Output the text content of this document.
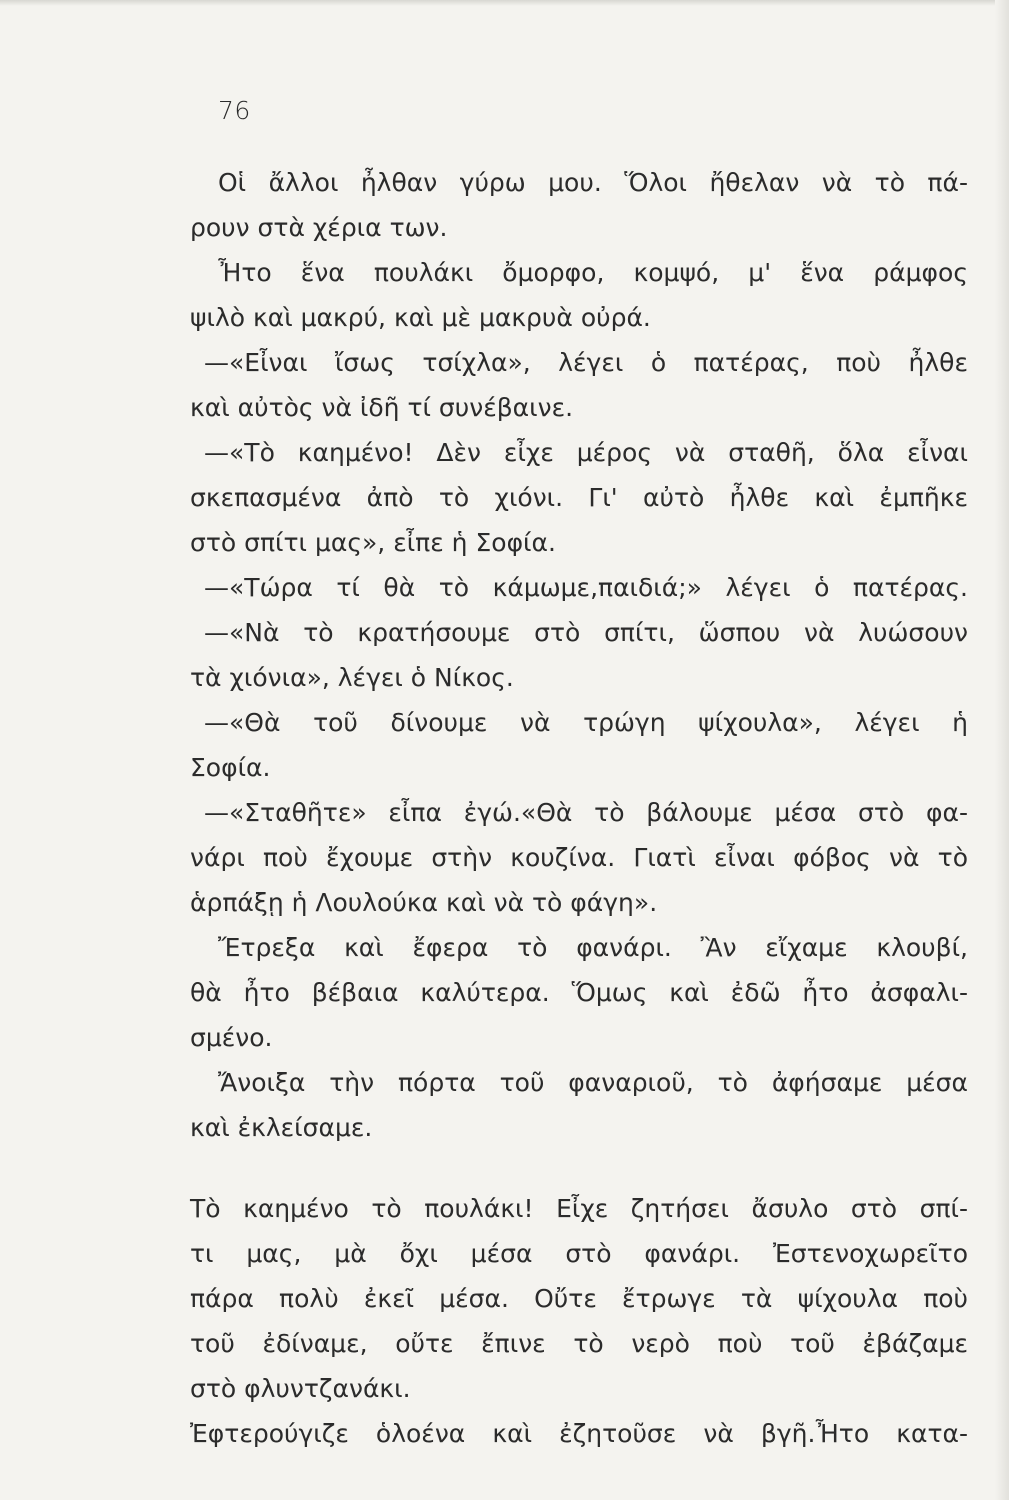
76
Οἱ ἄλλοι ἦλθαν γύρω μου. Ὅλοι ἤθελαν νὰ τὸ πά-
ρουν στὰ χέρια των.
Ἦτο ἕνα πουλάκι ὄμορφο, κομψό, μ' ἕνα ράμφος
ψιλὸ καὶ μακρύ, καὶ μὲ μακρυὰ οὐρά.
—«Εἶναι ἴσως τσίχλα», λέγει ὁ πατέρας, ποὺ ἦλθε
καὶ αὐτὸς νὰ ἰδῆ τί συνέβαινε.
—«Τὸ καημένο! Δὲν εἶχε μέρος νὰ σταθῆ, ὅλα εἶναι
σκεπασμένα ἀπὸ τὸ χιόνι. Γι' αὐτὸ ἦλθε καὶ ἐμπῆκε
στὸ σπίτι μας», εἶπε ἡ Σοφία.
—«Τώρα τί θὰ τὸ κάμωμε,παιδιά;» λέγει ὁ πατέρας.
—«Νὰ τὸ κρατήσουμε στὸ σπίτι, ὥσπου νὰ λυώσουν
τὰ χιόνια», λέγει ὁ Νίκος.
—«Θὰ τοῦ δίνουμε νὰ τρώγη ψίχουλα», λέγει ἡ
Σοφία.
—«Σταθῆτε» εἶπα ἐγώ.«Θὰ τὸ βάλουμε μέσα στὸ φα-
νάρι ποὺ ἔχουμε στὴν κουζίνα. Γιατὶ εἶναι φόβος νὰ τὸ
ἁρπάξῃ ἡ Λουλούκα καὶ νὰ τὸ φάγη».
Ἔτρεξα καὶ ἔφερα τὸ φανάρι. Ἂν εἴχαμε κλουβί,
θὰ ἦτο βέβαια καλύτερα. Ὅμως καὶ ἐδῶ ἦτο ἀσφαλι-
σμένο.
Ἄνοιξα τὴν πόρτα τοῦ φαναριοῦ, τὸ ἀφήσαμε μέσα
καὶ ἐκλείσαμε.
Τὸ καημένο τὸ πουλάκι! Εἶχε ζητήσει ἄσυλο στὸ σπί-
τι μας, μὰ ὄχι μέσα στὸ φανάρι. Ἐστενοχωρεῖτο
πάρα πολὺ ἐκεῖ μέσα. Οὔτε ἔτρωγε τὰ ψίχουλα ποὺ
τοῦ ἐδίναμε, οὔτε ἔπινε τὸ νερὸ ποὺ τοῦ ἐβάζαμε
στὸ φλυντζανάκι.
Ἐφτερούγιζε ὁλοένα καὶ ἐζητοῦσε νὰ βγῆ.Ἦτο κατα-
